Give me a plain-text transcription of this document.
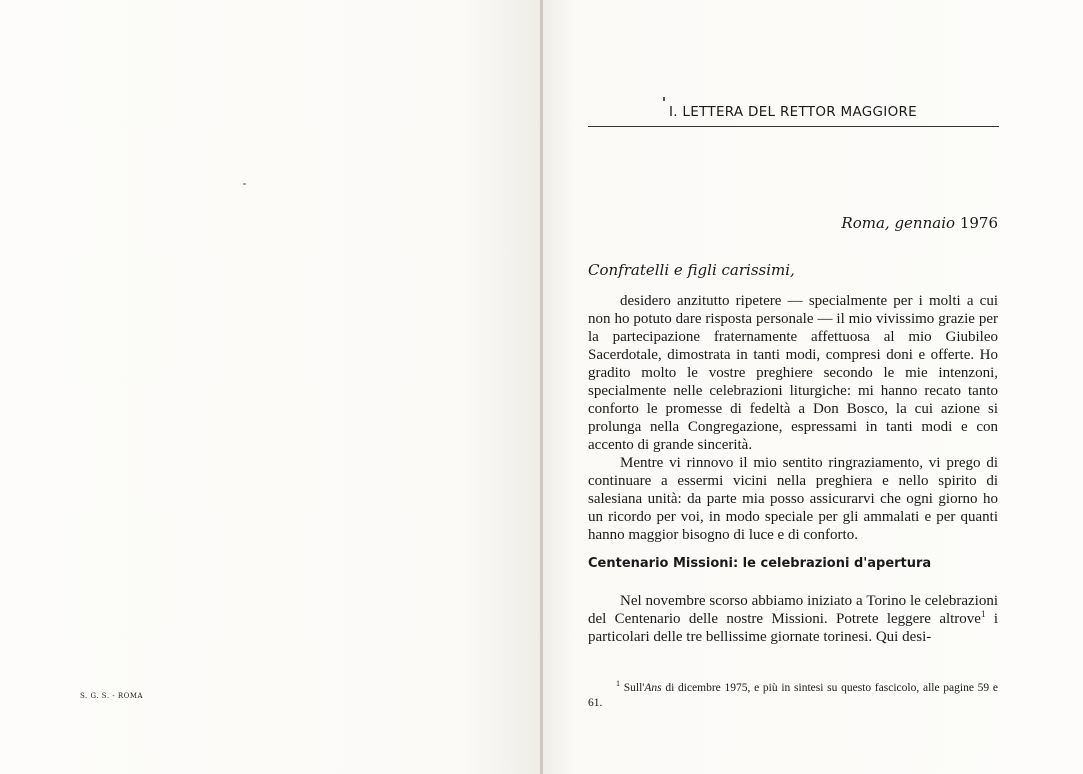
S. G. S. - ROMA
I. LETTERA DEL RETTOR MAGGIORE
Roma, gennaio 1976
Confratelli e figli carissimi,

desidero anzitutto ripetere — specialmente per i molti a cui non ho potuto dare risposta personale — il mio vivissimo grazie per la partecipazione fraternamente affettuosa al mio Giubileo Sacerdotale, dimostrata in tanti modi, compresi doni e offerte. Ho gradito molto le vostre preghiere secondo le mie intenzoni, specialmente nelle celebrazioni liturgiche: mi hanno recato tanto conforto le promesse di fedeltà a Don Bosco, la cui azione si prolunga nella Congregazione, espressami in tanti modi e con accento di grande sincerità.

Mentre vi rinnovo il mio sentito ringraziamento, vi prego di continuare a essermi vicini nella preghiera e nello spirito di salesiana unità: da parte mia posso assicurarvi che ogni giorno ho un ricordo per voi, in modo speciale per gli ammalati e per quanti hanno maggior bisogno di luce e di conforto.

Centenario Missioni: le celebrazioni d'apertura

Nel novembre scorso abbiamo iniziato a Torino le celebrazioni del Centenario delle nostre Missioni. Potrete leggere altrove$^1$ i particolari delle tre bellissime giornate torinesi. Qui desi-

$^1$ Sull'Ans di dicembre 1975, e più in sintesi su questo fascicolo, alle pagine 59 e 61.
